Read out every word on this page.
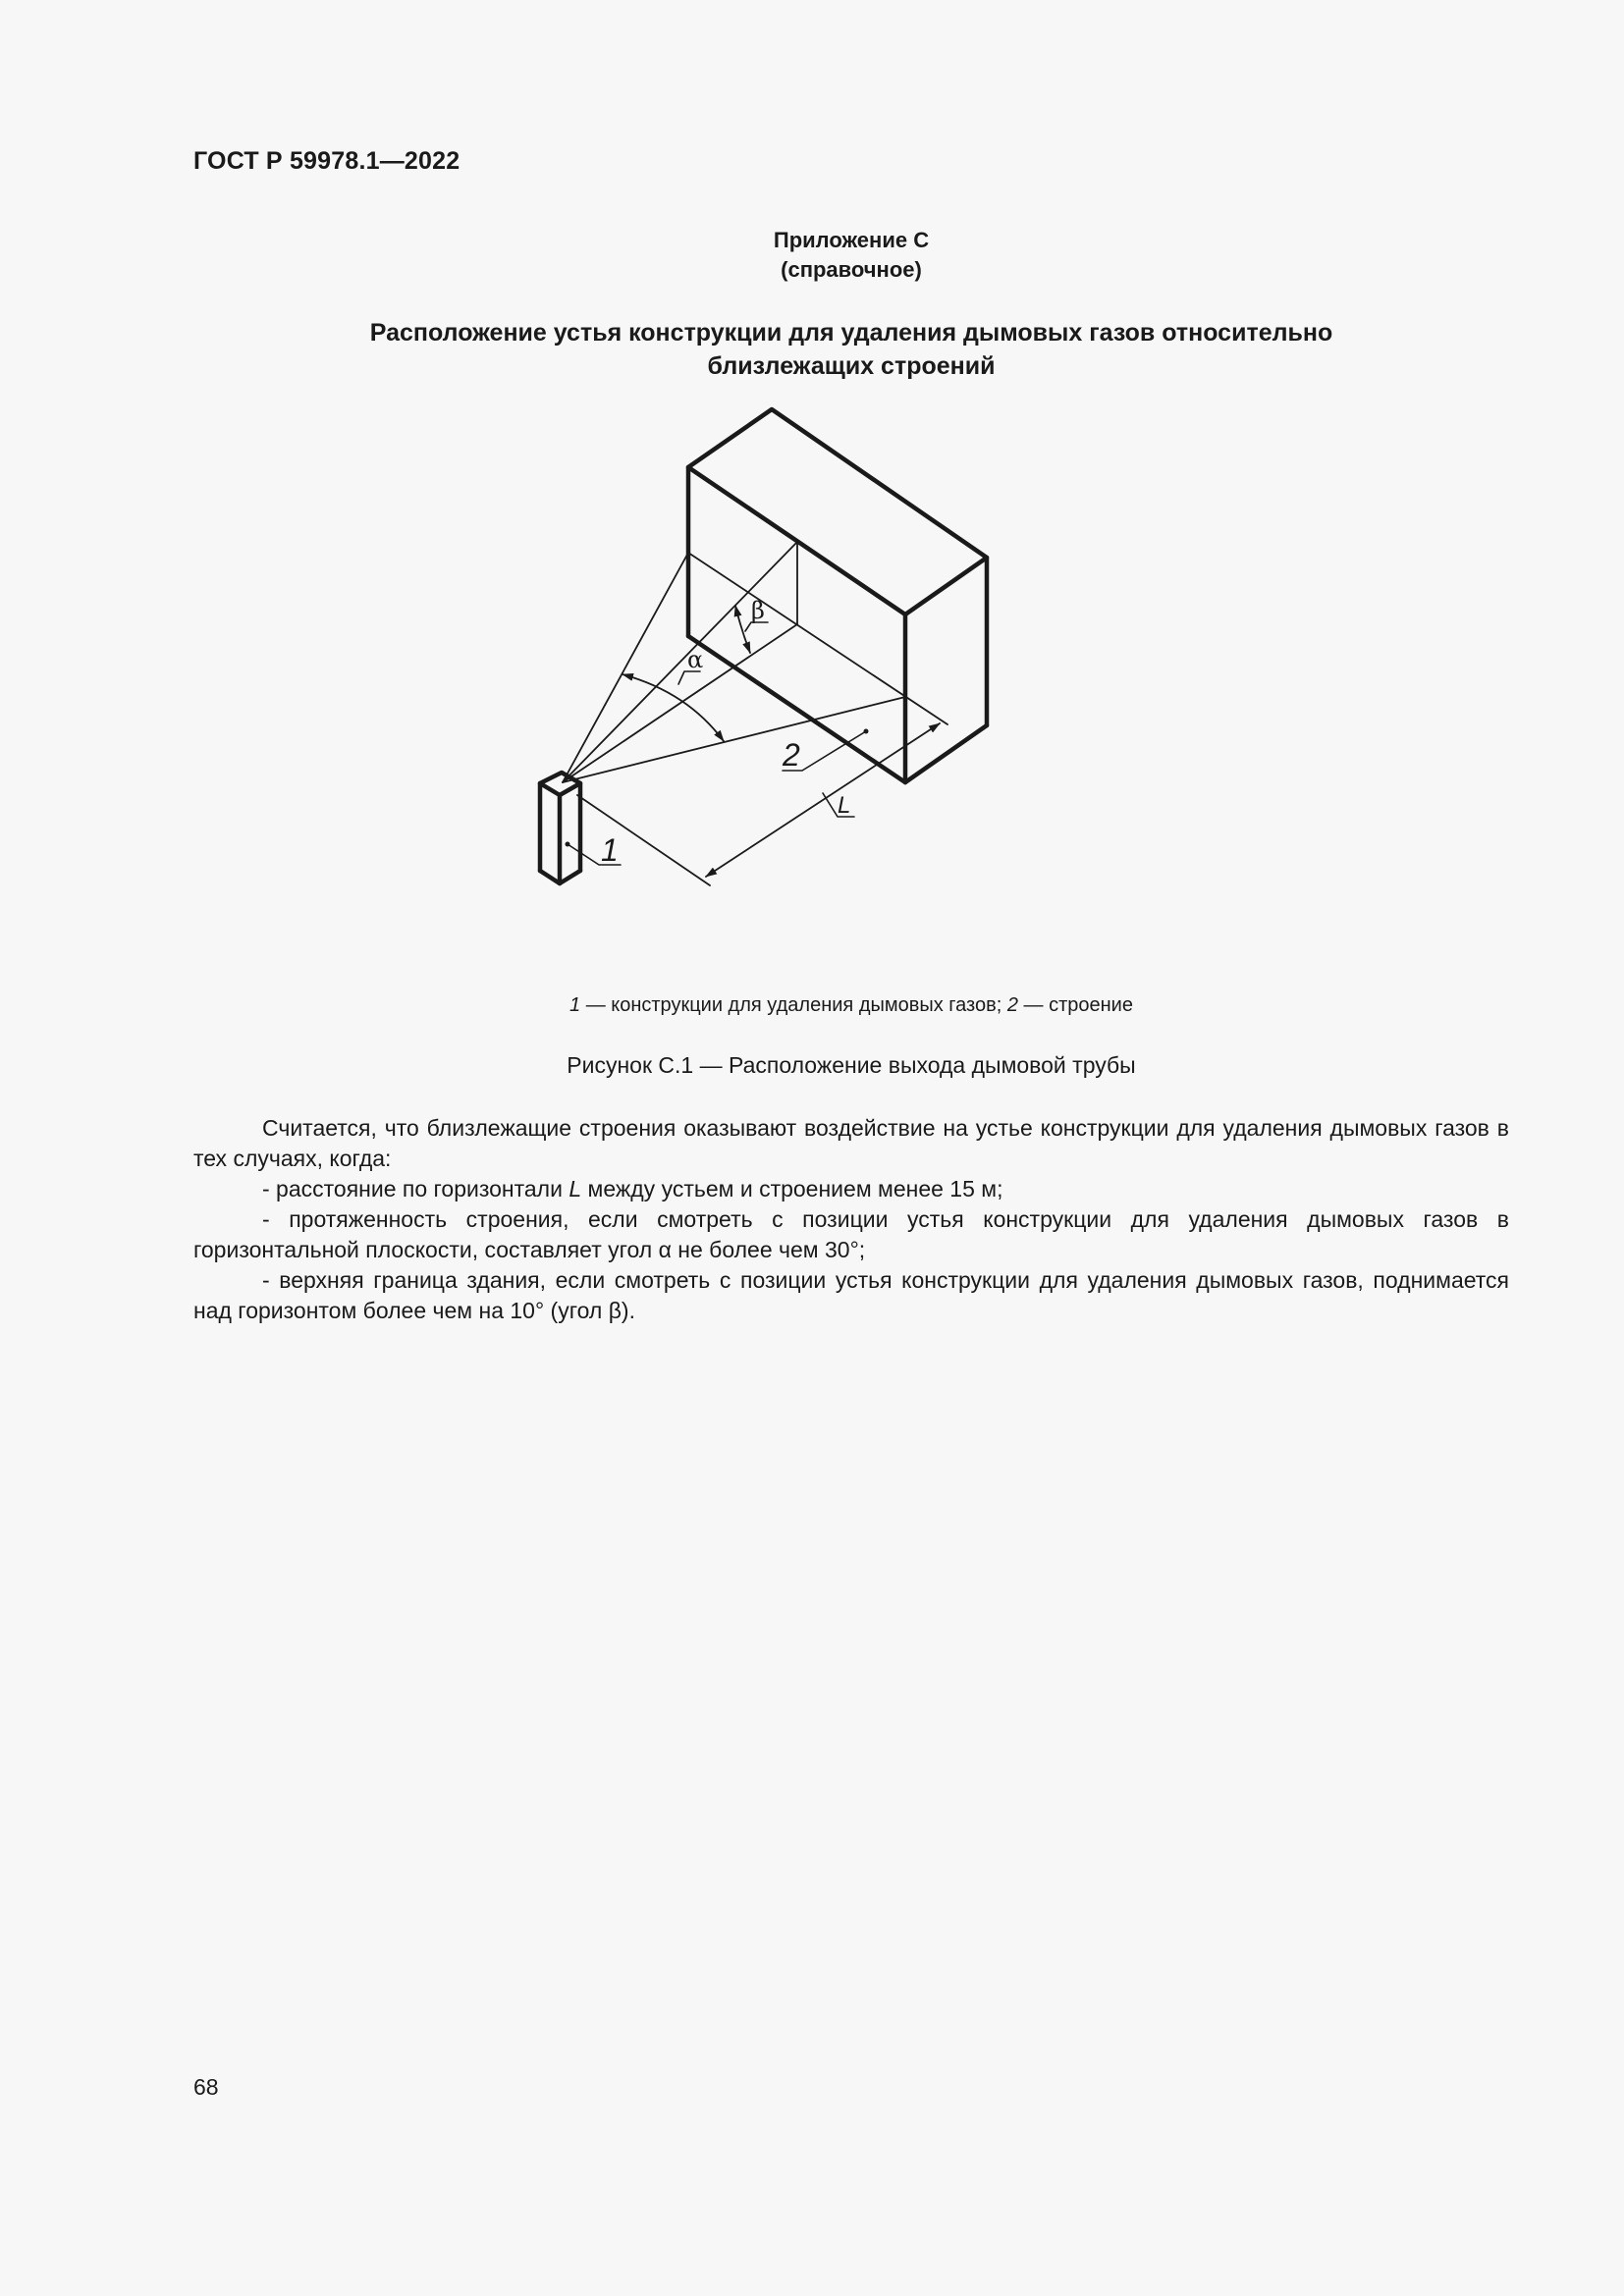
ГОСТ Р 59978.1—2022
Приложение С
(справочное)
Расположение устья конструкции для удаления дымовых газов относительно
близлежащих строений
1
2
L
α
β
1 — конструкции для удаления дымовых газов; 2 — строение
Рисунок С.1 — Расположение выхода дымовой трубы

Считается, что близлежащие строения оказывают воздействие на устье конструкции для удаления дымовых газов в тех случаях, когда:

- расстояние по горизонтали L между устьем и строением менее 15 м;

- протяженность строения, если смотреть с позиции устья конструкции для удаления дымовых газов в горизонтальной плоскости, составляет угол α не более чем 30°;

- верхняя граница здания, если смотреть с позиции устья конструкции для удаления дымовых газов, поднимается над горизонтом более чем на 10° (угол β).

68
